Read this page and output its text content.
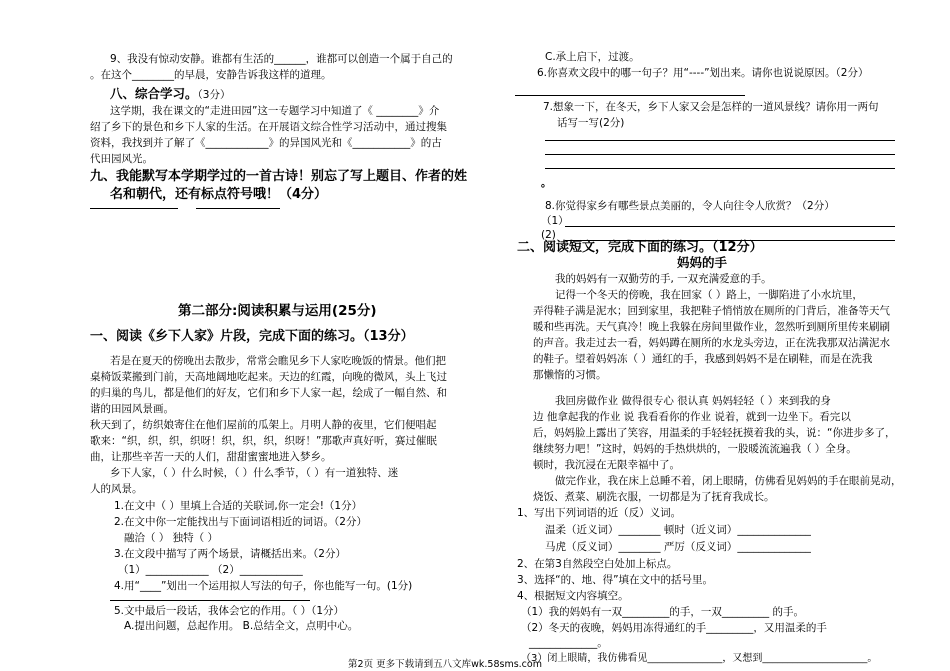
9、我没有惊动安静。谁都有生活的______，谁都可以创造一个属于自己的
。在这个________的早晨，安静告诉我这样的道理。
八、综合学习。（3分）
这学期，我在课文的“走进田园”这一专题学习中知道了《 ________》介
绍了乡下的景色和乡下人家的生活。在开展语文综合性学习活动中，通过搜集
资料，我找到并了解了《____________》的异国风光和《___________》的古
代田园风光。
九、我能默写本学期学过的一首古诗！别忘了写上题目、作者的姓
名和朝代，还有标点符号哦！（4分）
第二部分:阅读积累与运用(25分)
一、阅读《乡下人家》片段，完成下面的练习。（13分）
若是在夏天的傍晚出去散步，常常会瞧见乡下人家吃晚饭的情景。他们把
桌椅饭菜搬到门前，天高地阔地吃起来。天边的红霞，向晚的微风，头上飞过
的归巢的鸟儿，都是他们的好友，它们和乡下人家一起，绘成了一幅自然、和
谐的田园风景画。
秋天到了，纺织娘寄住在他们屋前的瓜架上。月明人静的夜里，它们便唱起
歌来：“织，织，织，织呀！织，织，织，织呀！”那歌声真好听，赛过催眠
曲，让那些辛苦一天的人们，甜甜蜜蜜地进入梦乡。
乡下人家，（ ）什么时候，（ ）什么季节，（ ）有一道独特、迷
人的风景。
1.在文中（ ）里填上合适的关联词,你一定会!（1分）
2.在文中你一定能找出与下面词语相近的词语。（2分）
融洽（ ） 独特（ ）
3.在文段中描写了两个场景，请概括出来。（2分）
（1）____________ （2）____________
4.用“____”划出一个运用拟人写法的句子，你也能写一句。(1分)
5.文中最后一段话，我体会它的作用。（ ）（1分）
A.提出问题，总起作用。 B.总结全文，点明中心。
C.承上启下，过渡。
6.你喜欢文段中的哪一句子？用“----”划出来。请你也说说原因。（2分）
7.想象一下，在冬天，乡下人家又会是怎样的一道风景线？请你用一两句
话写一写(2分)
。
8.你觉得家乡有哪些景点美丽的，令人向往令人欣赏？（2分）
（1）
(2)
二、阅读短文，完成下面的练习。（12分）
妈妈的手
我的妈妈有一双勤劳的手, 一双充满爱意的手。
记得一个冬天的傍晚，我在回家（ ）路上，一脚陷进了小水坑里，
弄得鞋子满是泥水；回到家里，我把鞋子悄悄放在厕所的门背后，准备等天气
暖和些再洗。天气真冷！晚上我躲在房间里做作业，忽然听到厕所里传来刷刷
的声音。我走过去一看，妈妈蹲在厕所的水龙头旁边，正在洗我那双沾满泥水
的鞋子。望着妈妈冻（ ）通红的手，我感到妈妈不是在刷鞋，而是在洗我
那懒惰的习惯。
我回房做作业 做得很专心 很认真 妈妈轻轻（ ）来到我的身
边 他拿起我的作业 说 我看看你的作业 说着，就到一边坐下。看完以
后，妈妈脸上露出了笑容，用温柔的手轻轻抚摸着我的头，说：“你进步多了，
继续努力吧！”这时，妈妈的手热烘烘的，一股暖流流遍我（ ）全身。
顿时，我沉浸在无限幸福中了。
做完作业，我在床上总睡不着，闭上眼睛，仿佛看见妈妈的手在眼前晃动，
烧饭、煮菜、刷洗衣服，一切都是为了抚育我成长。
1、写出下列词语的近（反）义词。
温柔（近义词）________ 顿时（近义词）______________
马虎（反义词）________ 严厉（反义词）______________
2、在第3自然段空白处加上标点。
3、选择“的、地、得”填在文中的括号里。
4、根据短文内容填空。
（1）我的妈妈有一双_________的手，一双_________ 的手。
（2）冬天的夜晚，妈妈用冻得通红的手_________，又用温柔的手
_____________。
（3）闭上眼睛，我仿佛看见_______________，又想到_____________________。
第2页 更多下载请到五八文库wk.58sms.com
